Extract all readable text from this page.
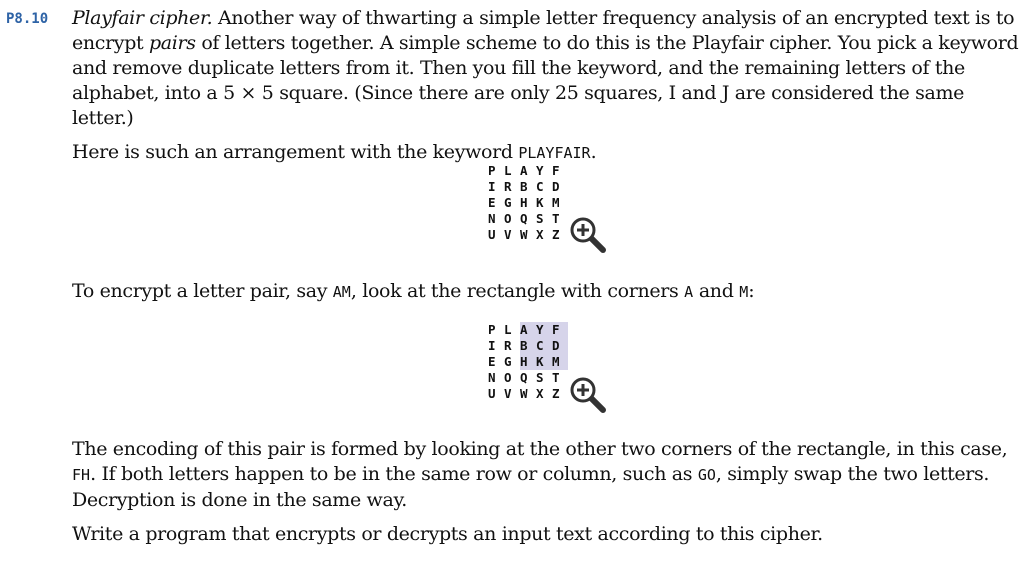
P8.10 Playfair cipher. Another way of thwarting a simple letter frequency analysis of an encrypted text is to encrypt pairs of letters together. A simple scheme to do this is the Playfair cipher. You pick a keyword and remove duplicate letters from it. Then you fill the keyword, and the remaining letters of the alphabet, into a 5 × 5 square. (Since there are only 25 squares, I and J are considered the same letter.)

Here is such an arrangement with the keyword PLAYFAIR.

P	L	A	Y	F
I	R	B	C	D
E	G	H	K	M
N	O	Q	S	T
U	V	W	X	Z

To encrypt a letter pair, say AM, look at the rectangle with corners A and M:

P	L	A	Y	F
I	R	B	C	D
E	G	H	K	M
N	O	Q	S	T
U	V	W	X	Z

The encoding of this pair is formed by looking at the other two corners of the rectangle, in this case, FH. If both letters happen to be in the same row or column, such as GO, simply swap the two letters. Decryption is done in the same way.

Write a program that encrypts or decrypts an input text according to this cipher.
